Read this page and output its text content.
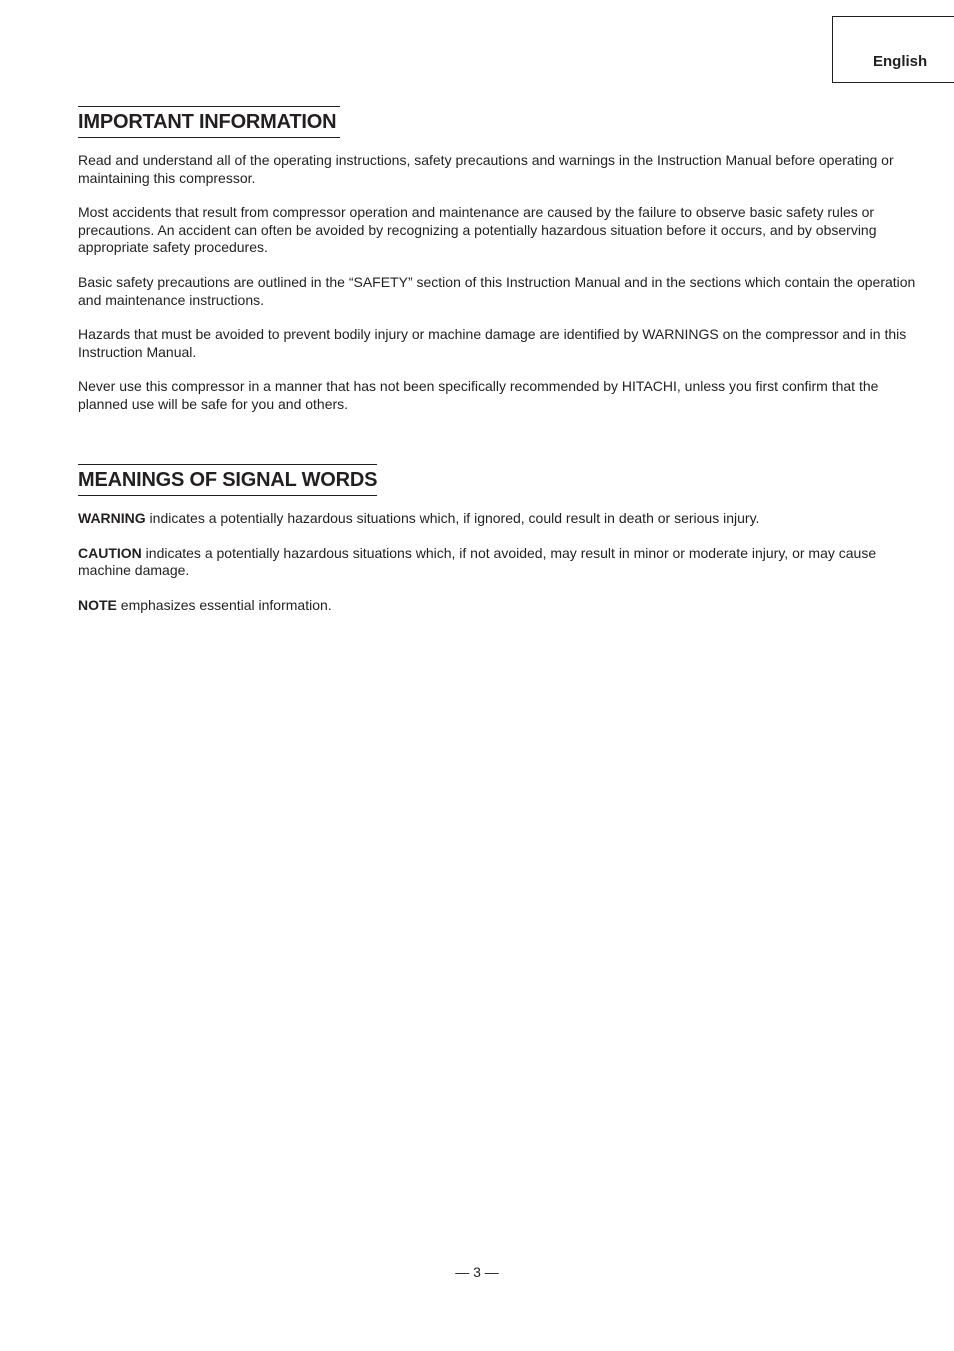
English
IMPORTANT INFORMATION

Read and understand all of the operating instructions, safety precautions and warnings in the Instruction Manual before operating or maintaining this compressor.

Most accidents that result from compressor operation and maintenance are caused by the failure to observe basic safety rules or precautions. An accident can often be avoided by recognizing a potentially hazardous situation before it occurs, and by observing appropriate safety procedures.

Basic safety precautions are outlined in the “SAFETY” section of this Instruction Manual and in the sections which contain the operation and maintenance instructions.

Hazards that must be avoided to prevent bodily injury or machine damage are identified by WARNINGS on the compressor and in this Instruction Manual.

Never use this compressor in a manner that has not been specifically recommended by HITACHI, unless you first confirm that the planned use will be safe for you and others.

MEANINGS OF SIGNAL WORDS

WARNING indicates a potentially hazardous situations which, if ignored, could result in death or serious injury.

CAUTION indicates a potentially hazardous situations which, if not avoided, may result in minor or moderate injury, or may cause machine damage.

NOTE emphasizes essential information.

— 3 —
